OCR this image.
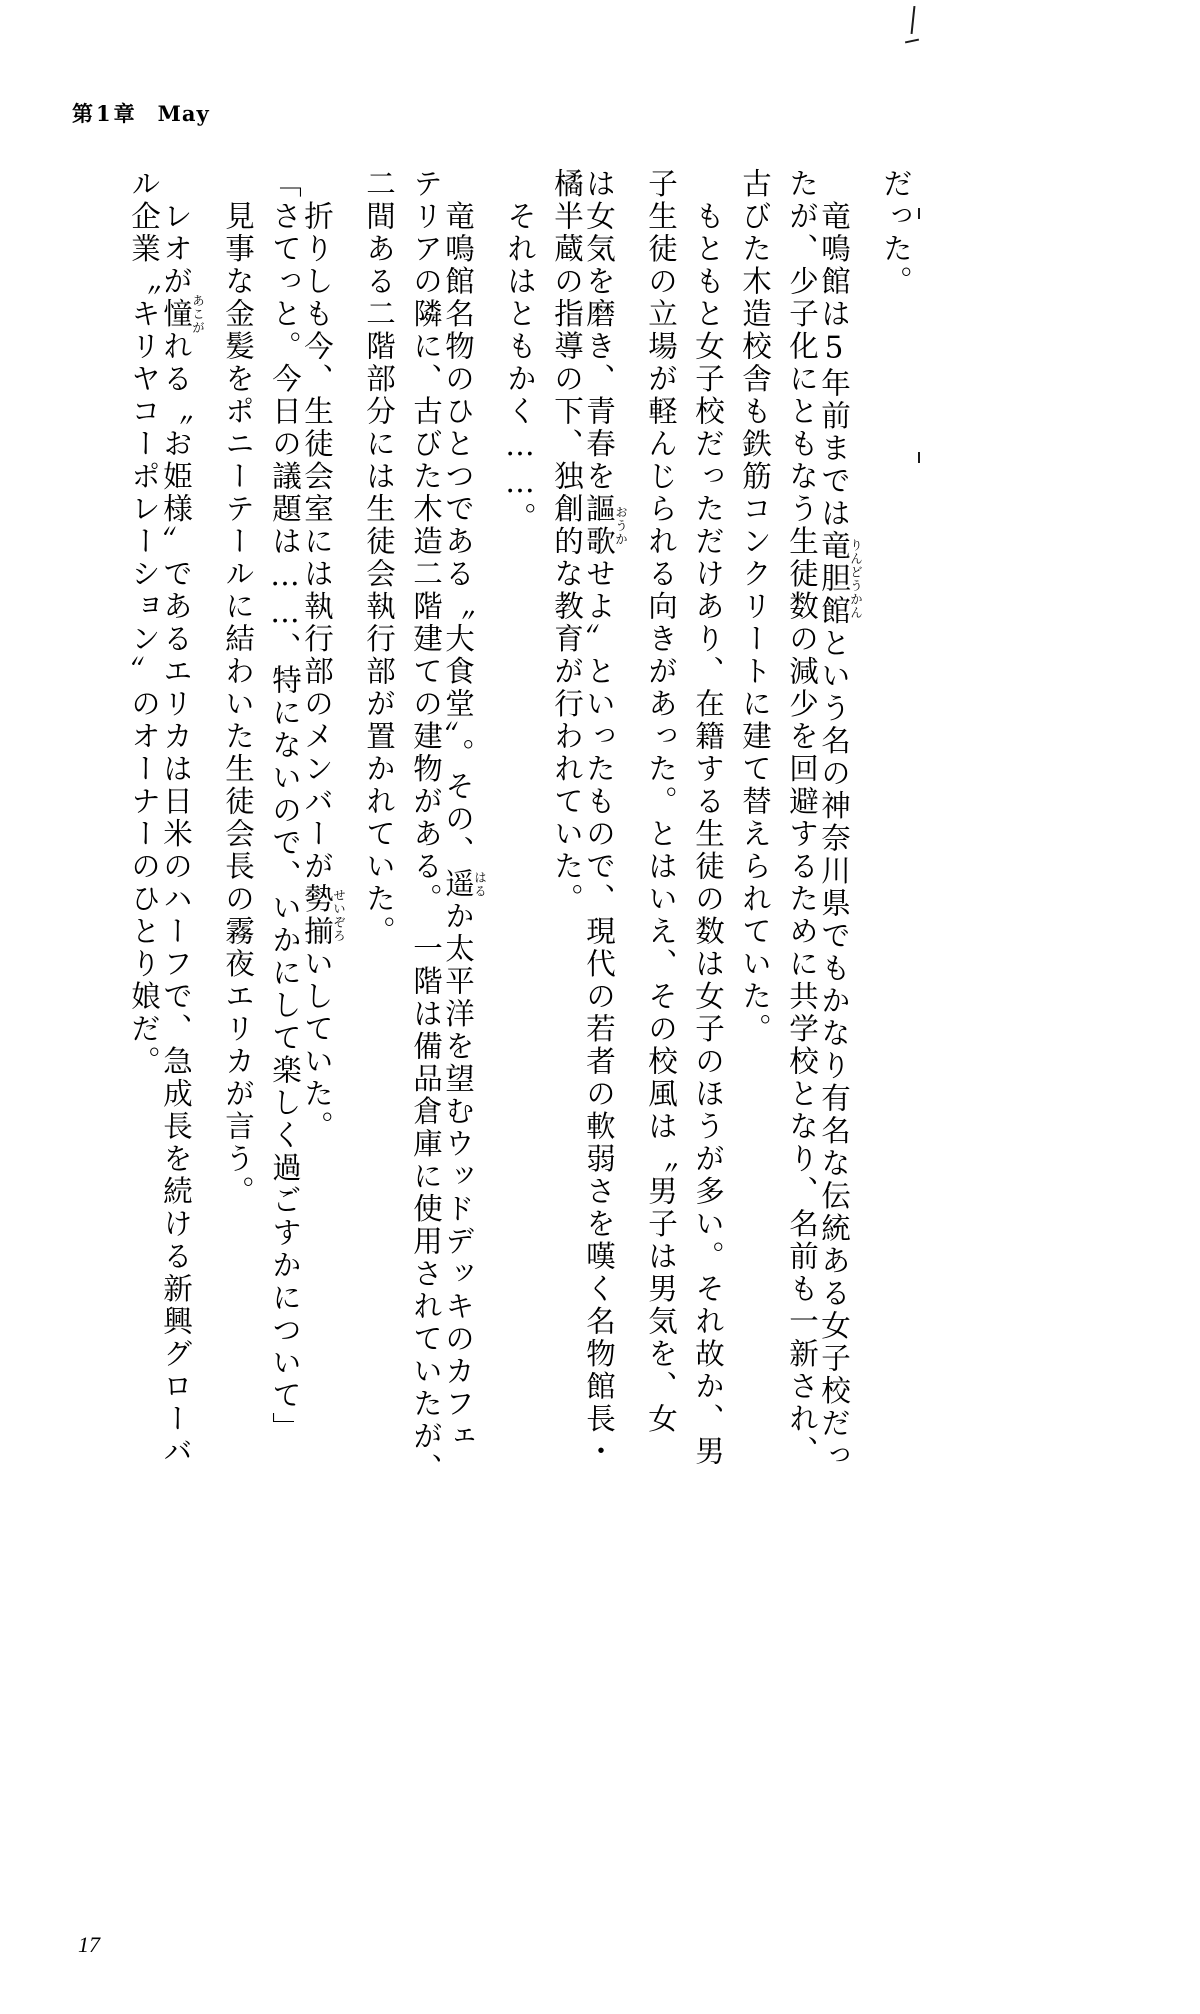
第1章 May
だった。
　竜鳴館は5年前までは竜胆館りんどうかんという名の神奈川県でもかなり有名な伝統ある女子校だっ
たが、少子化にともなう生徒数の減少を回避するために共学校となり、名前も一新され、
古びた木造校舎も鉄筋コンクリートに建て替えられていた。
　もともと女子校だっただけあり、在籍する生徒の数は女子のほうが多い。それ故か、男
子生徒の立場が軽んじられる向きがあった。とはいえ、その校風は〝男子は男気を、女
は女気を磨き、青春を謳歌おうかせよ〟といったもので、現代の若者の軟弱さを嘆く名物館長・
橘半蔵の指導の下、独創的な教育が行われていた。
　それはともかく……。
　竜鳴館名物のひとつである〝大食堂〟。その、遥はるか太平洋を望むウッドデッキのカフェ
テリアの隣に、古びた木造二階建ての建物がある。　一階は備品倉庫に使用されていたが、
二間ある二階部分には生徒会執行部が置かれていた。
　折りしも今、生徒会室には執行部のメンバーが勢揃せいぞろいしていた。
「さてっと。今日の議題は……、特にないので、いかにして楽しく過ごすかについて」
　見事な金髪をポニーテールに結わいた生徒会長の霧夜エリカが言う。
　レオが憧あこがれる〝お姫様〟であるエリカは日米のハーフで、急成長を続ける新興グローバ
ル企業〝キリヤコーポレーション〟のオーナーのひとり娘だ。
17
